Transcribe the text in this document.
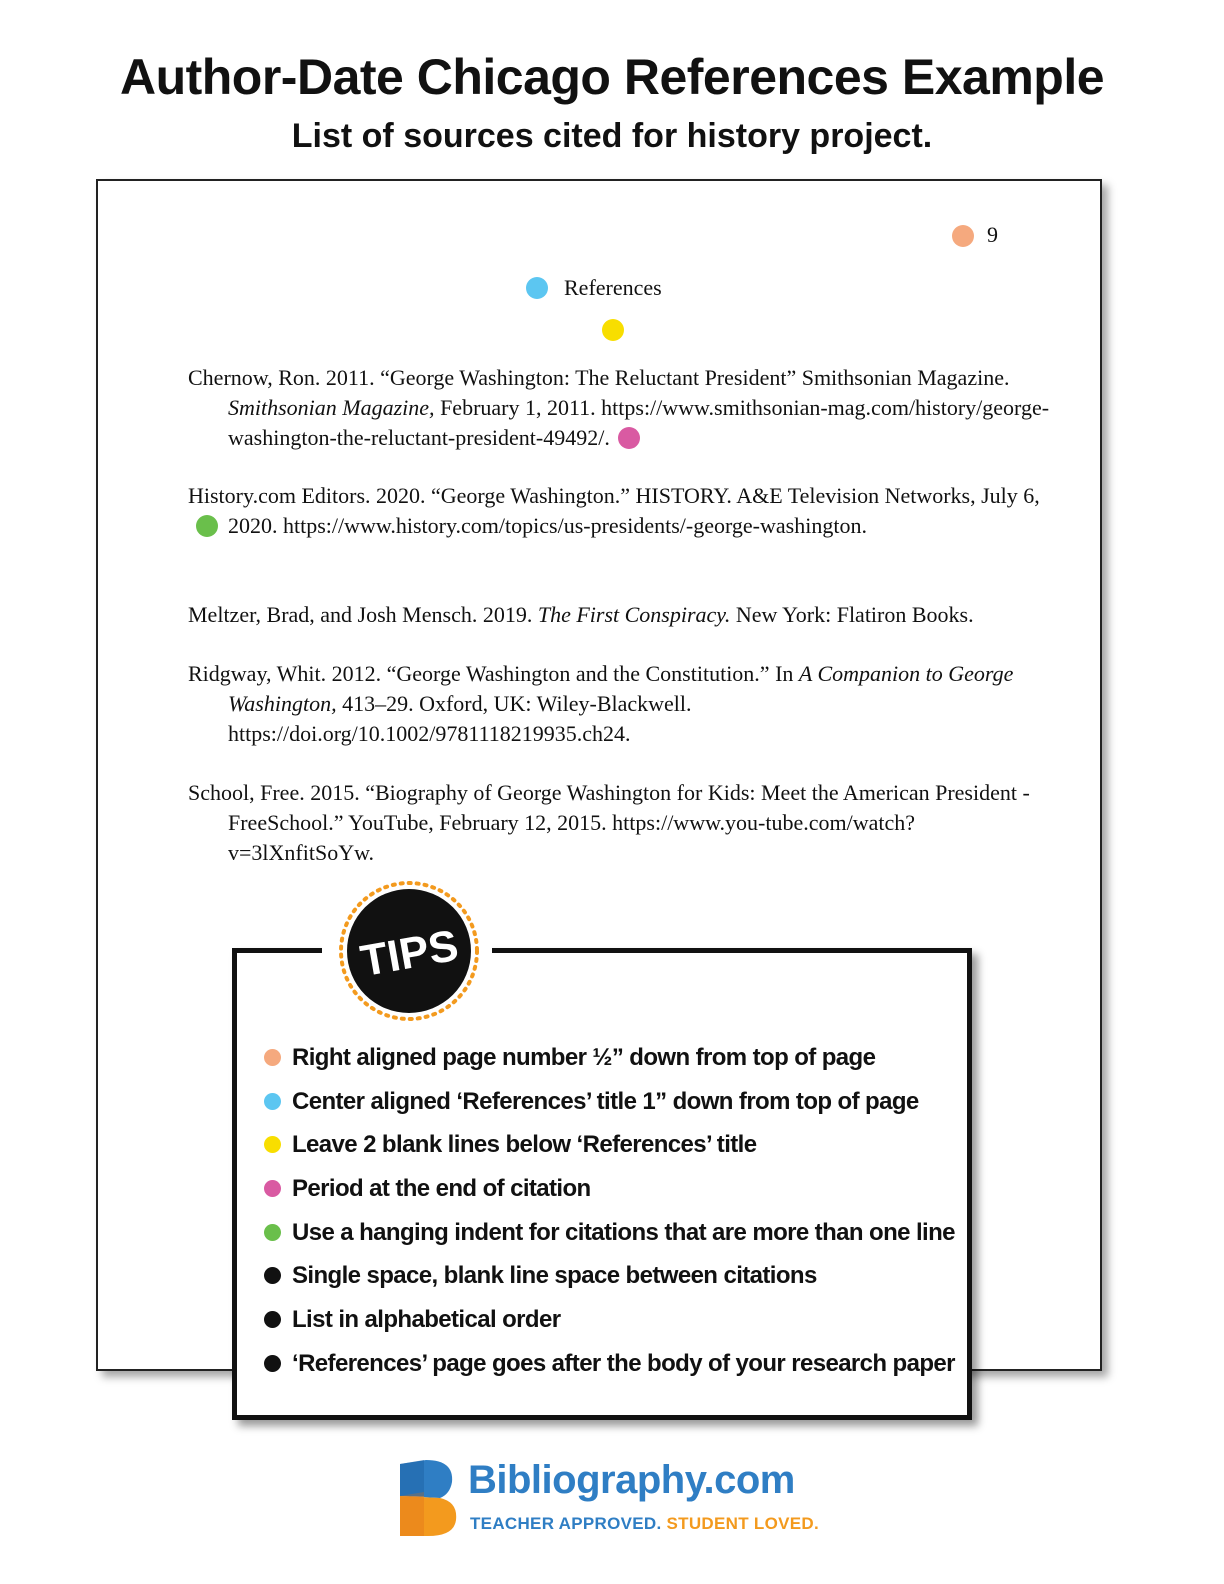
Author-Date Chicago References Example
List of sources cited for history project.
9
References
Chernow, Ron. 2011. “George Washington: The Reluctant President” Smithsonian Magazine. Smithsonian Magazine, February 1, 2011. https://www.smithsonian-mag.com/history/george-washington-the-reluctant-president-49492/.
History.com Editors. 2020. “George Washington.” HISTORY. A&E Television Networks, July 6, 2020. https://www.history.com/topics/us-presidents/-george-washington.
Meltzer, Brad, and Josh Mensch. 2019. The First Conspiracy. New York: Flatiron Books.
Ridgway, Whit. 2012. “George Washington and the Constitution.” In A Companion to George Washington, 413–29. Oxford, UK: Wiley-Blackwell. https://doi.org/10.1002/9781118219935.ch24.
School, Free. 2015. “Biography of George Washington for Kids: Meet the American President - FreeSchool.” YouTube, February 12, 2015. https://www.you-tube.com/watch?v=3lXnfitSoYw.
TIPS
Right aligned page number ½” down from top of page
Center aligned ‘References’ title 1” down from top of page
Leave 2 blank lines below ‘References’ title
Period at the end of citation
Use a hanging indent for citations that are more than one line
Single space, blank line space between citations
List in alphabetical order
‘References’ page goes after the body of your research paper
Bibliography.com
TEACHER APPROVED. STUDENT LOVED.
